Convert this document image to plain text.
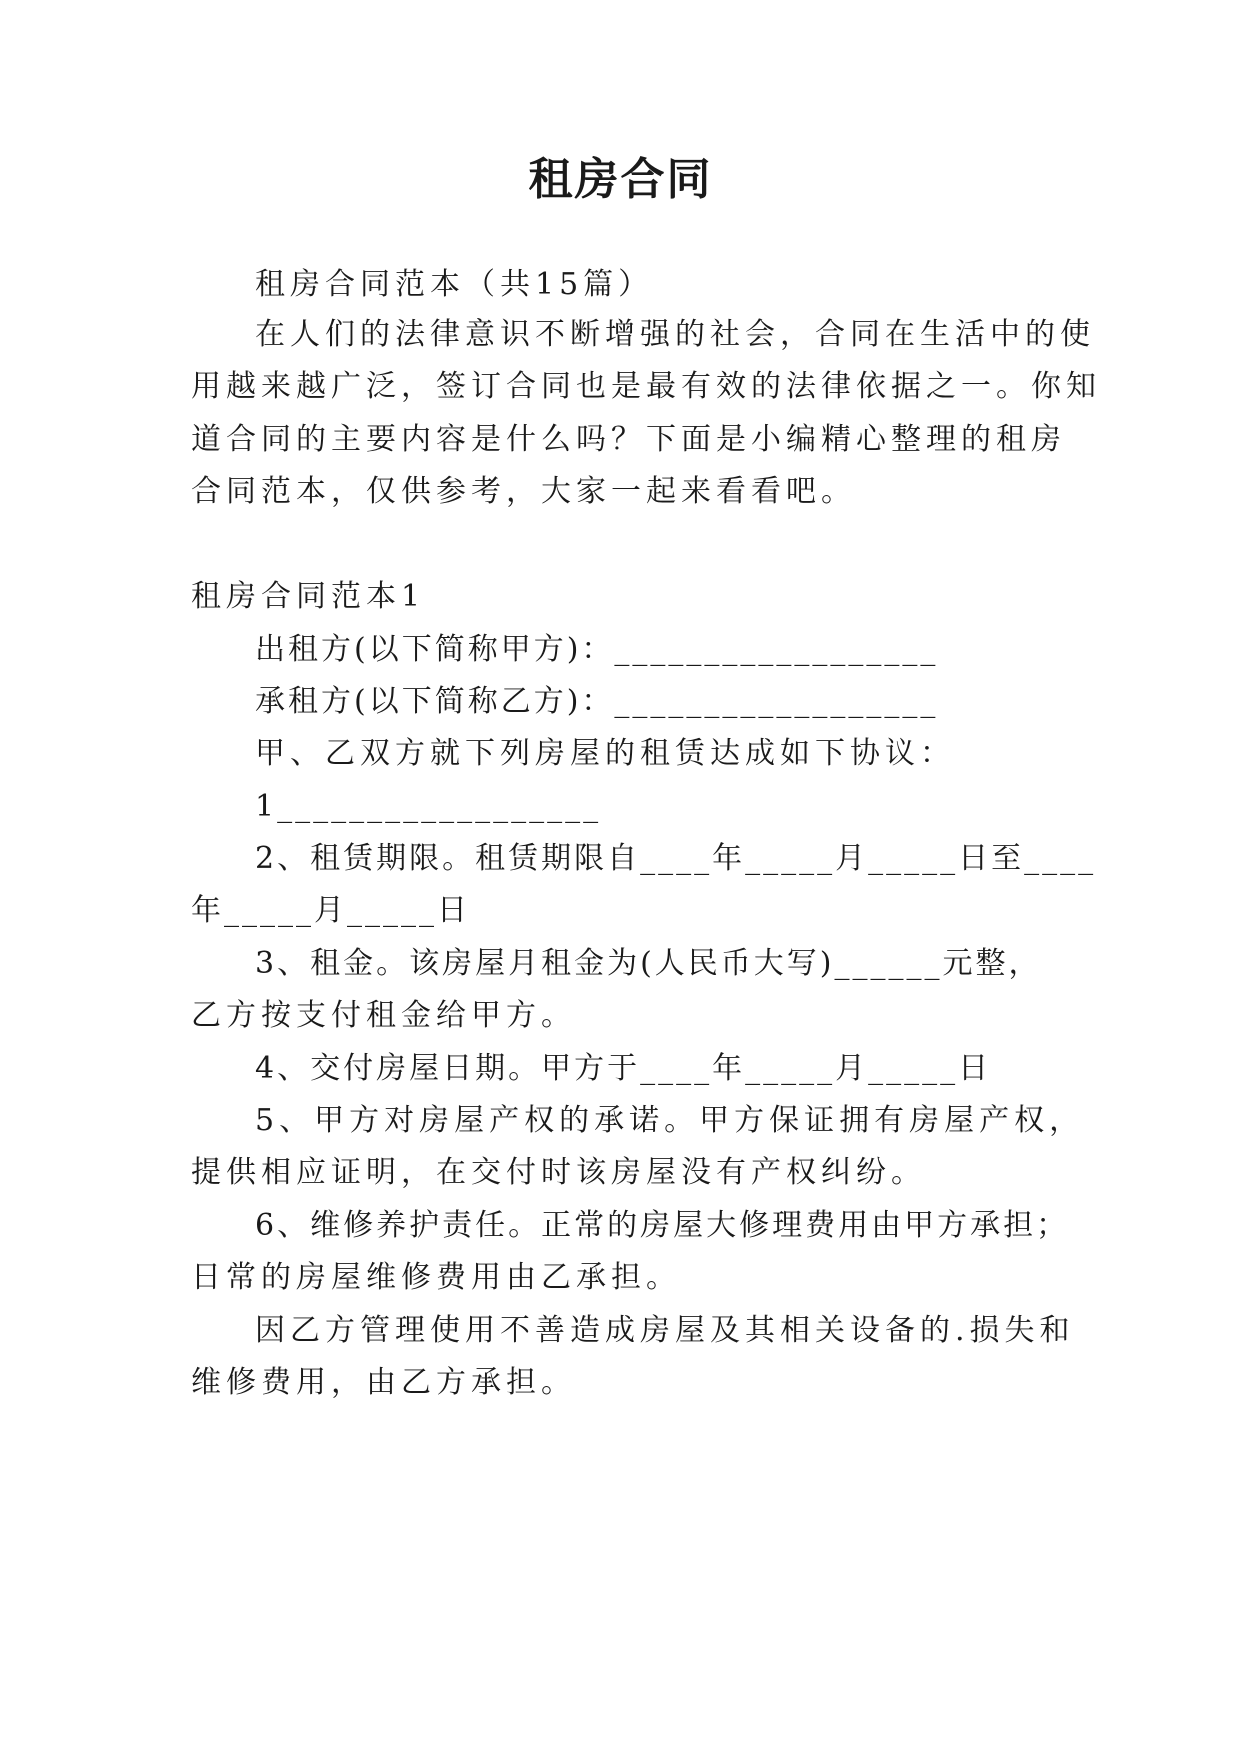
租房合同
租房合同范本（共15篇）
在人们的法律意识不断增强的社会，合同在生活中的使
用越来越广泛，签订合同也是最有效的法律依据之一。你知
道合同的主要内容是什么吗？下面是小编精心整理的租房
合同范本，仅供参考，大家一起来看看吧。
租房合同范本1
出租方(以下简称甲方)：__________________
承租方(以下简称乙方)：__________________
甲、乙双方就下列房屋的租赁达成如下协议：
1__________________
2、租赁期限。租赁期限自____年_____月_____日至____
年_____月_____日
3、租金。该房屋月租金为(人民币大写)______元整，
乙方按支付租金给甲方。
4、交付房屋日期。甲方于____年_____月_____日
5、甲方对房屋产权的承诺。甲方保证拥有房屋产权，
提供相应证明，在交付时该房屋没有产权纠纷。
6、维修养护责任。正常的房屋大修理费用由甲方承担；
日常的房屋维修费用由乙承担。
因乙方管理使用不善造成房屋及其相关设备的.损失和
维修费用，由乙方承担。
